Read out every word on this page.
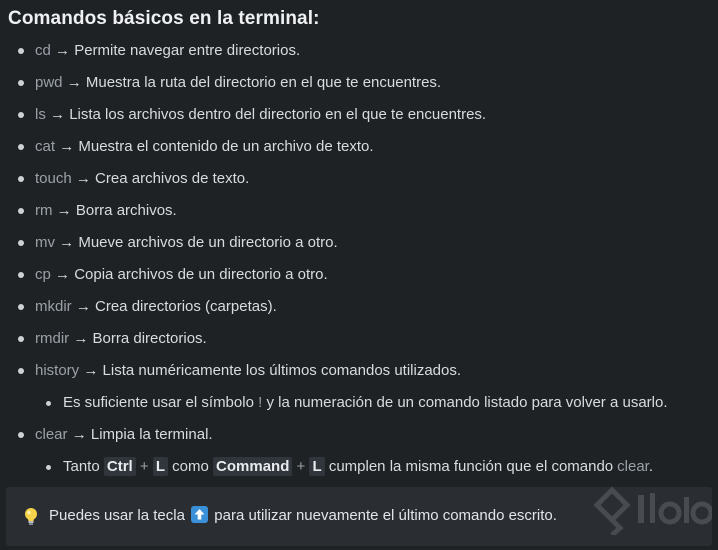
Comandos básicos en la terminal:
cd → Permite navegar entre directorios.
pwd → Muestra la ruta del directorio en el que te encuentres.
ls → Lista los archivos dentro del directorio en el que te encuentres.
cat → Muestra el contenido de un archivo de texto.
touch → Crea archivos de texto.
rm → Borra archivos.
mv → Mueve archivos de un directorio a otro.
cp → Copia archivos de un directorio a otro.
mkdir → Crea directorios (carpetas).
rmdir → Borra directorios.
history → Lista numéricamente los últimos comandos utilizados.
Es suficiente usar el símbolo ! y la numeración de un comando listado para volver a usarlo.
clear → Limpia la terminal.
Tanto Ctrl + L como Command + L cumplen la misma función que el comando clear.
Puedes usar la tecla para utilizar nuevamente el último comando escrito.
